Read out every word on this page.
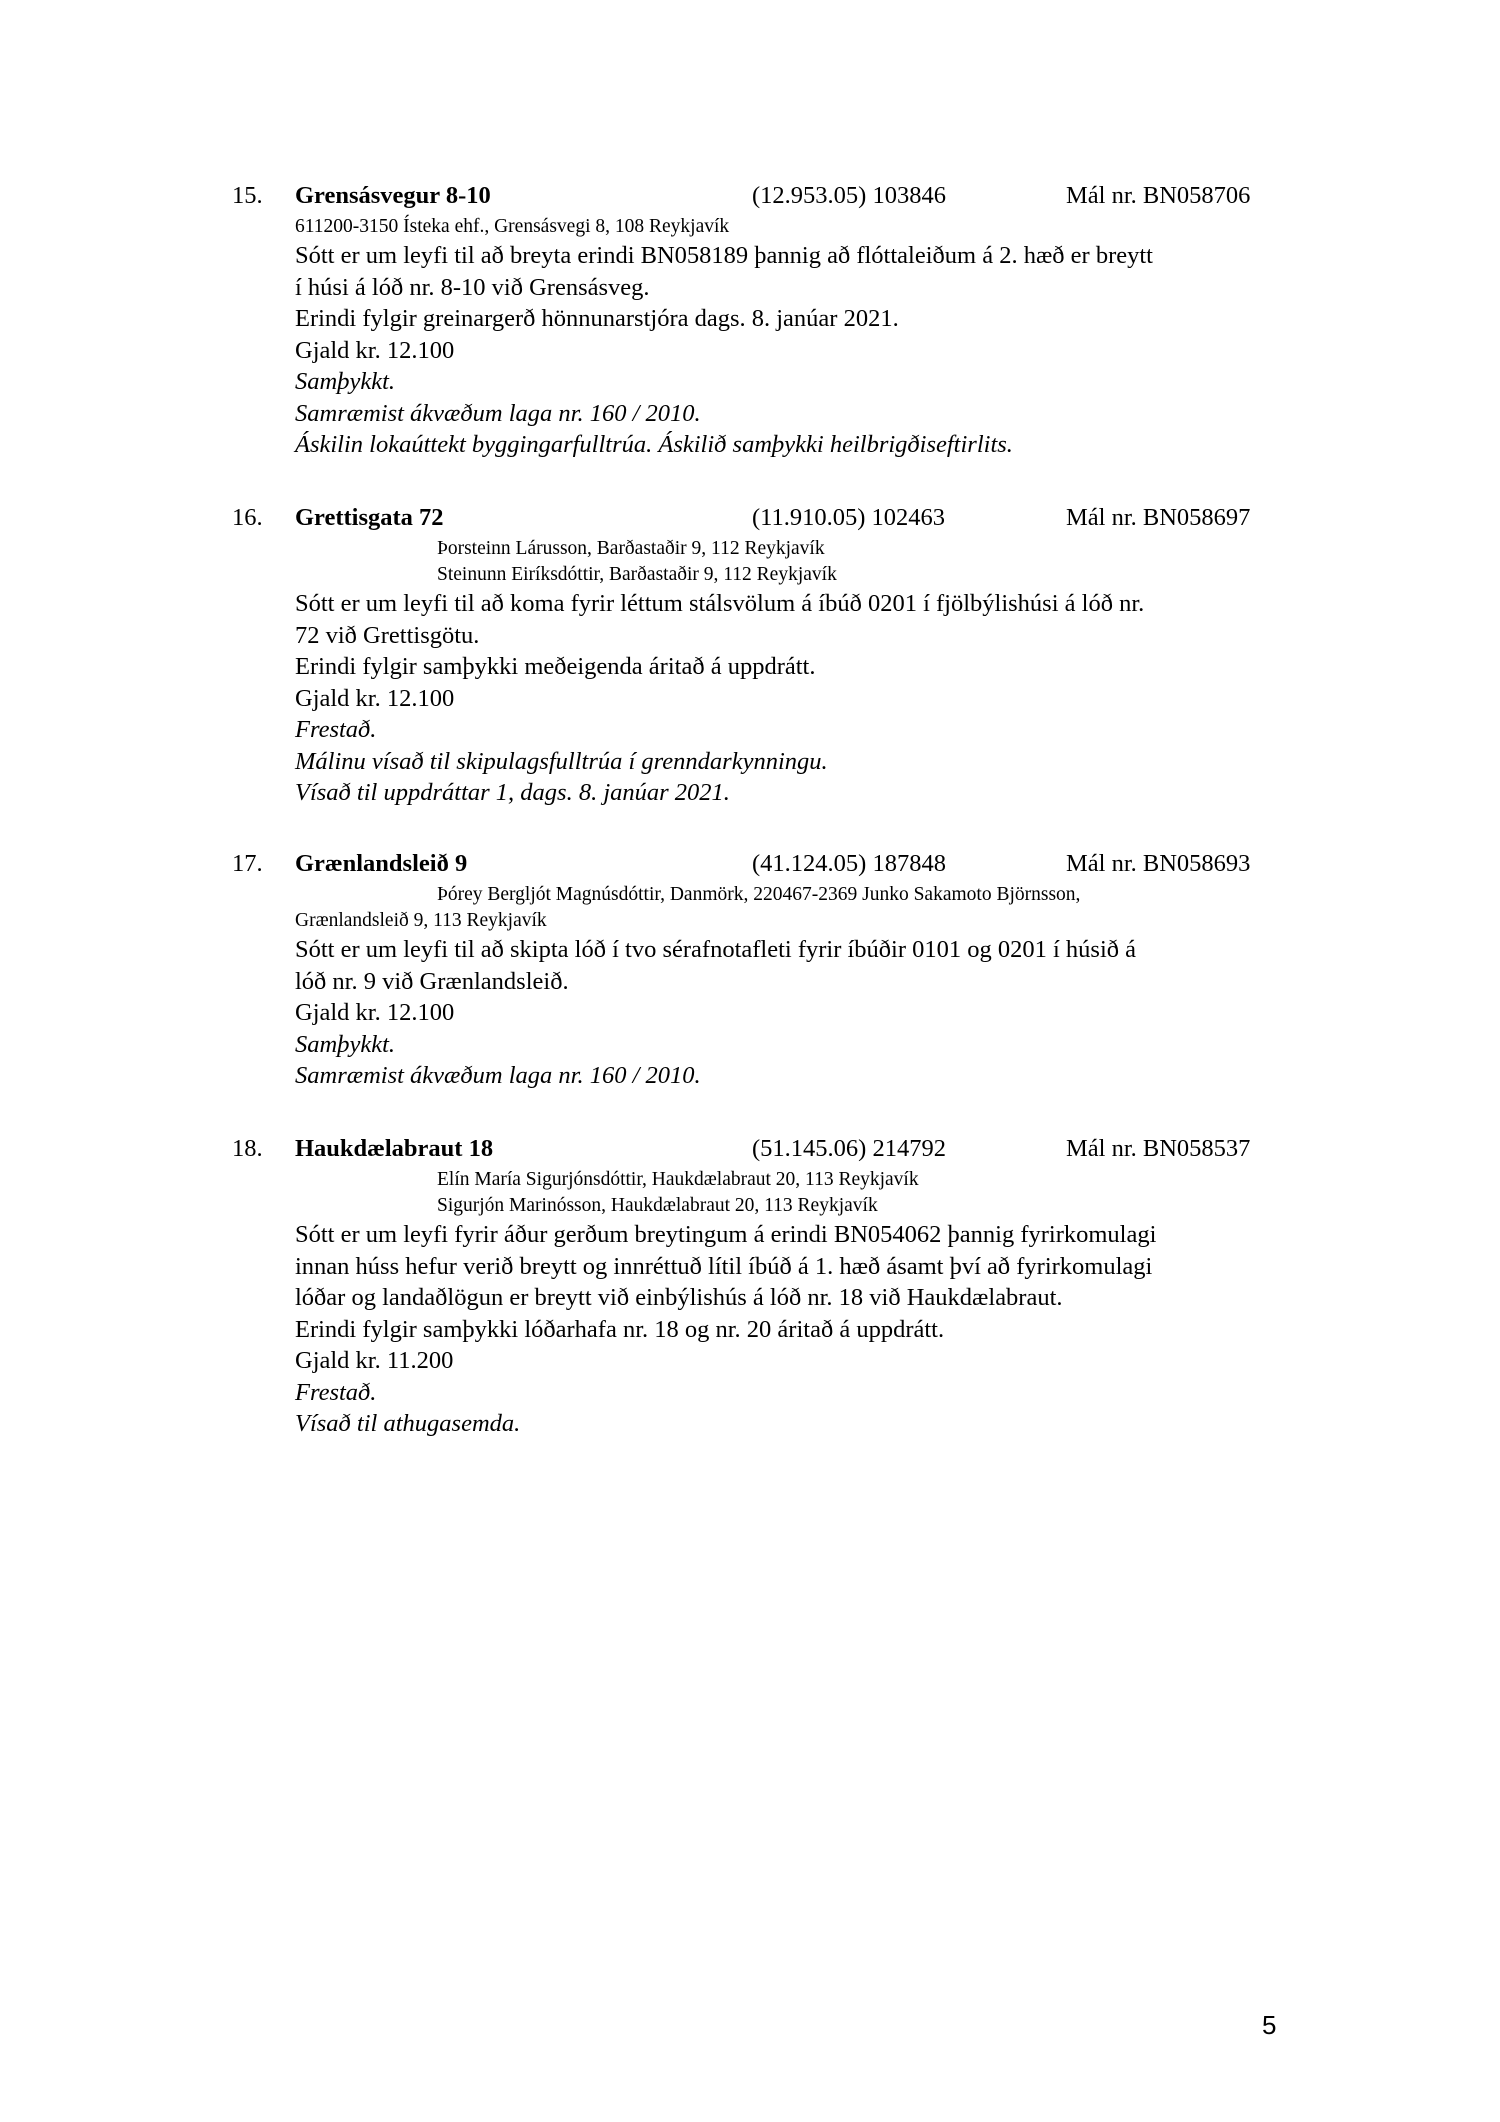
15. Grensásvegur 8-10	(12.953.05) 103846	Mál nr. BN058706
611200-3150 Ísteka ehf., Grensásvegi 8, 108 Reykjavík
Sótt er um leyfi til að breyta erindi BN058189 þannig að flóttaleiðum á 2. hæð er breytt
í húsi á lóð nr. 8-10 við Grensásveg.
Erindi fylgir greinargerð hönnunarstjóra dags. 8. janúar 2021.
Gjald kr. 12.100
Samþykkt.
Samræmist ákvæðum laga nr. 160 / 2010.
Áskilin lokaúttekt byggingarfulltrúa. Áskilið samþykki heilbrigðiseftirlits.
16. Grettisgata 72	(11.910.05) 102463	Mál nr. BN058697
Þorsteinn Lárusson, Barðastaðir 9, 112 Reykjavík
Steinunn Eiríksdóttir, Barðastaðir 9, 112 Reykjavík
Sótt er um leyfi til að koma fyrir léttum stálsvölum á íbúð 0201 í fjölbýlishúsi á lóð nr.
72 við Grettisgötu.
Erindi fylgir samþykki meðeigenda áritað á uppdrátt.
Gjald kr. 12.100
Frestað.
Málinu vísað til skipulagsfulltrúa í grenndarkynningu.
Vísað til uppdráttar 1, dags. 8. janúar 2021.
17. Grænlandsleið 9	(41.124.05) 187848	Mál nr. BN058693
Þórey Bergljót Magnúsdóttir, Danmörk, 220467-2369 Junko Sakamoto Björnsson,
Grænlandsleið 9, 113 Reykjavík
Sótt er um leyfi til að skipta lóð í tvo sérafnotafleti fyrir íbúðir 0101 og 0201 í húsið á
lóð nr. 9 við Grænlandsleið.
Gjald kr. 12.100
Samþykkt.
Samræmist ákvæðum laga nr. 160 / 2010.
18. Haukdælabraut 18	(51.145.06) 214792	Mál nr. BN058537
Elín María Sigurjónsdóttir, Haukdælabraut 20, 113 Reykjavík
Sigurjón Marinósson, Haukdælabraut 20, 113 Reykjavík
Sótt er um leyfi fyrir áður gerðum breytingum á erindi BN054062 þannig fyrirkomulagi
innan húss hefur verið breytt og innréttuð lítil íbúð á 1. hæð ásamt því að fyrirkomulagi
lóðar og landaðlögun er breytt við einbýlishús á lóð nr. 18 við Haukdælabraut.
Erindi fylgir samþykki lóðarhafa nr. 18 og nr. 20 áritað á uppdrátt.
Gjald kr. 11.200
Frestað.
Vísað til athugasemda.
5
